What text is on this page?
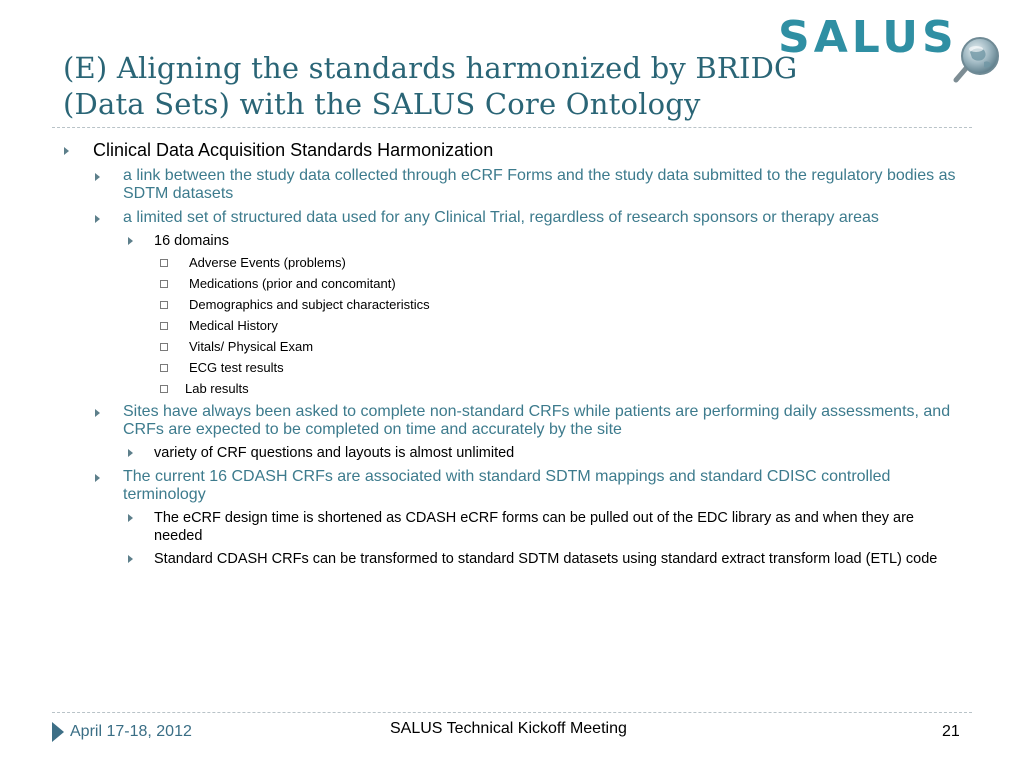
(E) Aligning the standards harmonized by BRIDG
(Data Sets) with the SALUS Core Ontology
SALUS
Clinical Data Acquisition Standards Harmonization
a link between the study data collected through eCRF Forms and the study data submitted to the regulatory bodies as SDTM datasets
a limited set of structured data used for any Clinical Trial, regardless of research sponsors or therapy areas
16 domains
Adverse Events (problems)
Medications (prior and concomitant)
Demographics and subject characteristics
Medical History
Vitals/ Physical Exam
ECG test results
Lab results
Sites have always been asked to complete non-standard CRFs while patients are performing daily assessments, and CRFs are expected to be completed on time and accurately by the site
variety of CRF questions and layouts is almost unlimited
The current 16 CDASH CRFs are associated with standard SDTM mappings and standard CDISC controlled terminology
The eCRF design time is shortened as CDASH eCRF forms can be pulled out of the EDC library as and when they are needed
Standard CDASH CRFs can be transformed to standard SDTM datasets using standard extract transform load (ETL) code
April 17-18, 2012	SALUS Technical Kickoff Meeting	21
